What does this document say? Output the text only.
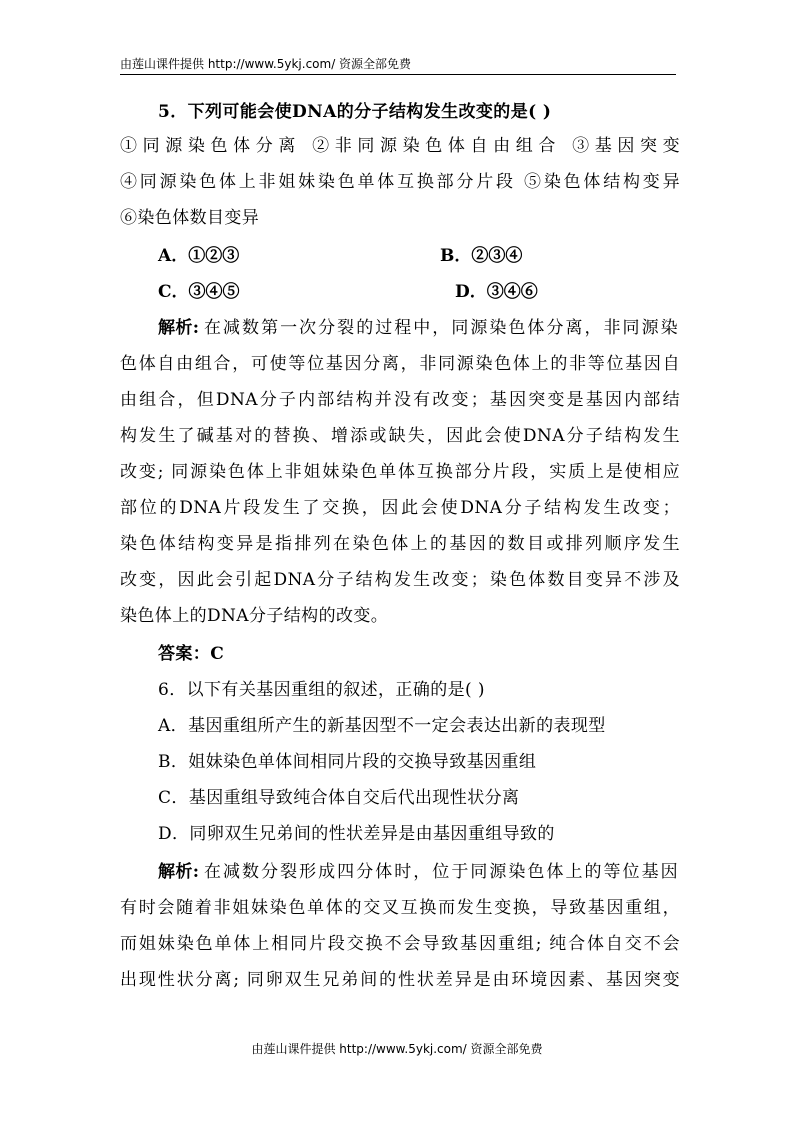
由莲山课件提供 http://www.5ykj.com/ 资源全部免费
5．下列可能会使DNA的分子结构发生改变的是( )
①同源染色体分离 ②非同源染色体自由组合 ③基因突变
④同源染色体上非姐妹染色单体互换部分片段 ⑤染色体结构变异
⑥染色体数目变异
A．①②③	B．②③④
C．③④⑤	D．③④⑥
解析: 在减数第一次分裂的过程中，同源染色体分离，非同源染
色体自由组合，可使等位基因分离，非同源染色体上的非等位基因自
由组合，但DNA分子内部结构并没有改变；基因突变是基因内部结
构发生了碱基对的替换、增添或缺失，因此会使DNA分子结构发生
改变; 同源染色体上非姐妹染色单体互换部分片段，实质上是使相应
部位的DNA片段发生了交换，因此会使DNA分子结构发生改变；
染色体结构变异是指排列在染色体上的基因的数目或排列顺序发生
改变，因此会引起DNA分子结构发生改变；染色体数目变异不涉及
染色体上的DNA分子结构的改变。
答案：C
6．以下有关基因重组的叙述，正确的是( )
A．基因重组所产生的新基因型不一定会表达出新的表现型
B．姐妹染色单体间相同片段的交换导致基因重组
C．基因重组导致纯合体自交后代出现性状分离
D．同卵双生兄弟间的性状差异是由基因重组导致的
解析: 在减数分裂形成四分体时，位于同源染色体上的等位基因
有时会随着非姐妹染色单体的交叉互换而发生变换，导致基因重组，
而姐妹染色单体上相同片段交换不会导致基因重组; 纯合体自交不会
出现性状分离; 同卵双生兄弟间的性状差异是由环境因素、基因突变
由莲山课件提供 http://www.5ykj.com/ 资源全部免费
